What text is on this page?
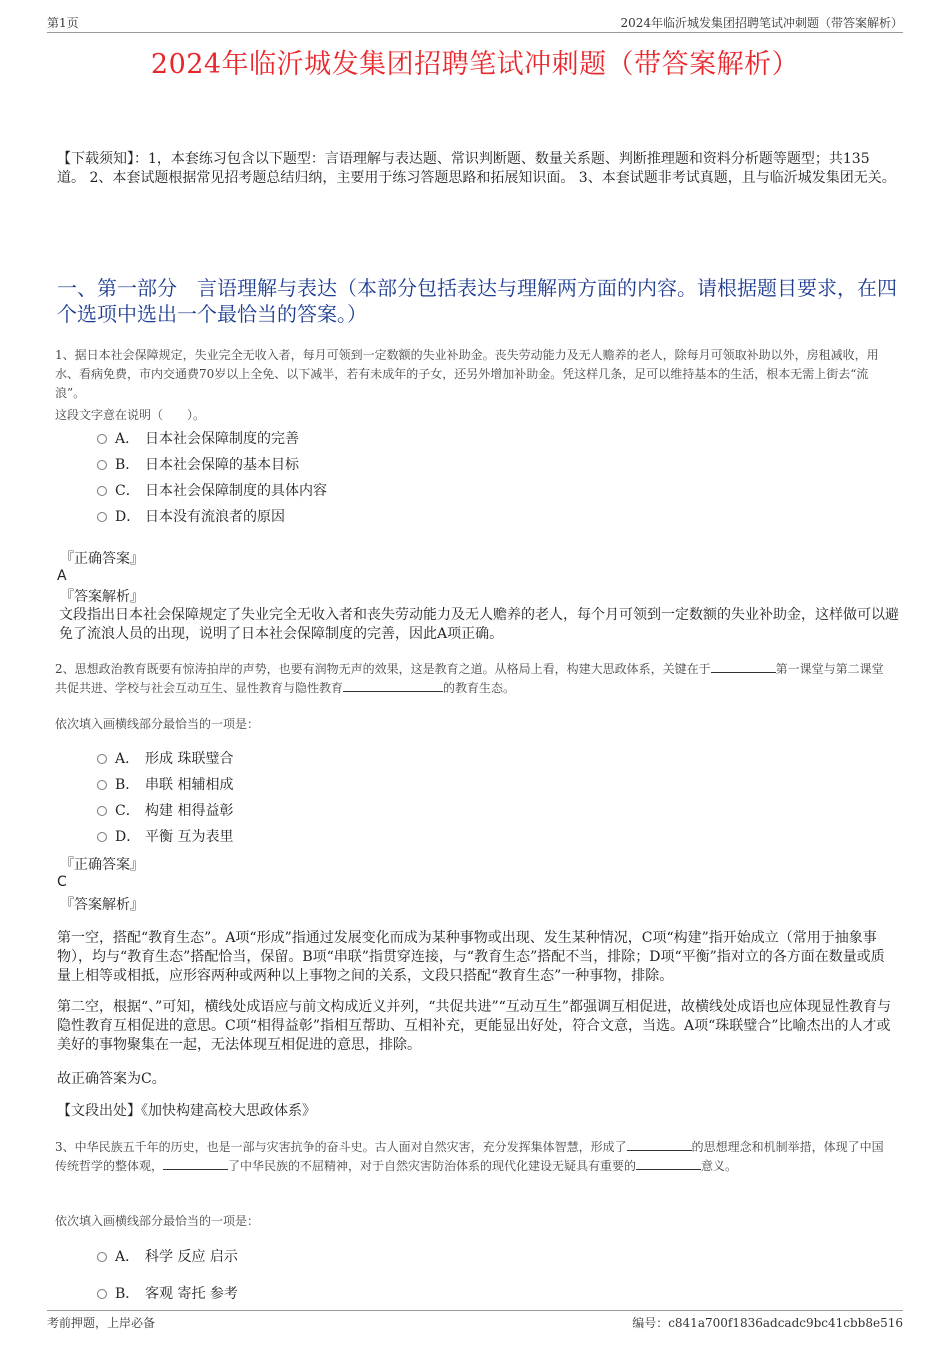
第1页	2024年临沂城发集团招聘笔试冲刺题（带答案解析）
2024年临沂城发集团招聘笔试冲刺题（带答案解析）
【下载须知】：1，本套练习包含以下题型：言语理解与表达题、常识判断题、数量关系题、判断推理题和资料分析题等题型；共135道。 2、本套试题根据常见招考题总结归纳，主要用于练习答题思路和拓展知识面。 3、本套试题非考试真题，且与临沂城发集团无关。
一、第一部分　言语理解与表达（本部分包括表达与理解两方面的内容。请根据题目要求，在四个选项中选出一个最恰当的答案。）
1、据日本社会保障规定，失业完全无收入者，每月可领到一定数额的失业补助金。丧失劳动能力及无人赡养的老人，除每月可领取补助以外，房租减收，用水、看病免费，市内交通费70岁以上全免、以下减半，若有未成年的子女，还另外增加补助金。凭这样几条，足可以维持基本的生活，根本无需上街去“流浪”。
这段文字意在说明（　　）。
A． 日本社会保障制度的完善
B． 日本社会保障的基本目标
C． 日本社会保障制度的具体内容
D． 日本没有流浪者的原因
『正确答案』
A
『答案解析』
文段指出日本社会保障规定了失业完全无收入者和丧失劳动能力及无人赡养的老人，每个月可领到一定数额的失业补助金，这样做可以避免了流浪人员的出现，说明了日本社会保障制度的完善，因此A项正确。
2、思想政治教育既要有惊涛拍岸的声势，也要有润物无声的效果，这是教育之道。从格局上看，构建大思政体系，关键在于	第一课堂与第二课堂共促共进、学校与社会互动互生、显性教育与隐性教育	的教育生态。
依次填入画横线部分最恰当的一项是：
A． 形成 珠联璧合
B． 串联 相辅相成
C． 构建 相得益彰
D． 平衡 互为表里
『正确答案』
C
『答案解析』
第一空，搭配“教育生态”。A项“形成”指通过发展变化而成为某种事物或出现、发生某种情况，C项“构建”指开始成立（常用于抽象事物），均与“教育生态”搭配恰当，保留。B项“串联”指贯穿连接，与“教育生态”搭配不当，排除；D项“平衡”指对立的各方面在数量或质量上相等或相抵，应形容两种或两种以上事物之间的关系，文段只搭配“教育生态”一种事物，排除。
第二空，根据“、”可知，横线处成语应与前文构成近义并列，“共促共进”“互动互生”都强调互相促进，故横线处成语也应体现显性教育与隐性教育互相促进的意思。C项“相得益彰”指相互帮助、互相补充，更能显出好处，符合文意，当选。A项“珠联璧合”比喻杰出的人才或美好的事物聚集在一起，无法体现互相促进的意思，排除。
故正确答案为C。
【文段出处】《加快构建高校大思政体系》
3、中华民族五千年的历史，也是一部与灾害抗争的奋斗史。古人面对自然灾害，充分发挥集体智慧，形成了	的思想理念和机制举措，体现了中国传统哲学的整体观，	了中华民族的不屈精神，对于自然灾害防治体系的现代化建设无疑具有重要的	意义。
依次填入画横线部分最恰当的一项是：
A． 科学 反应 启示
B． 客观 寄托 参考
考前押题，上岸必备	编号：c841a700f1836adcadc9bc41cbb8e516
